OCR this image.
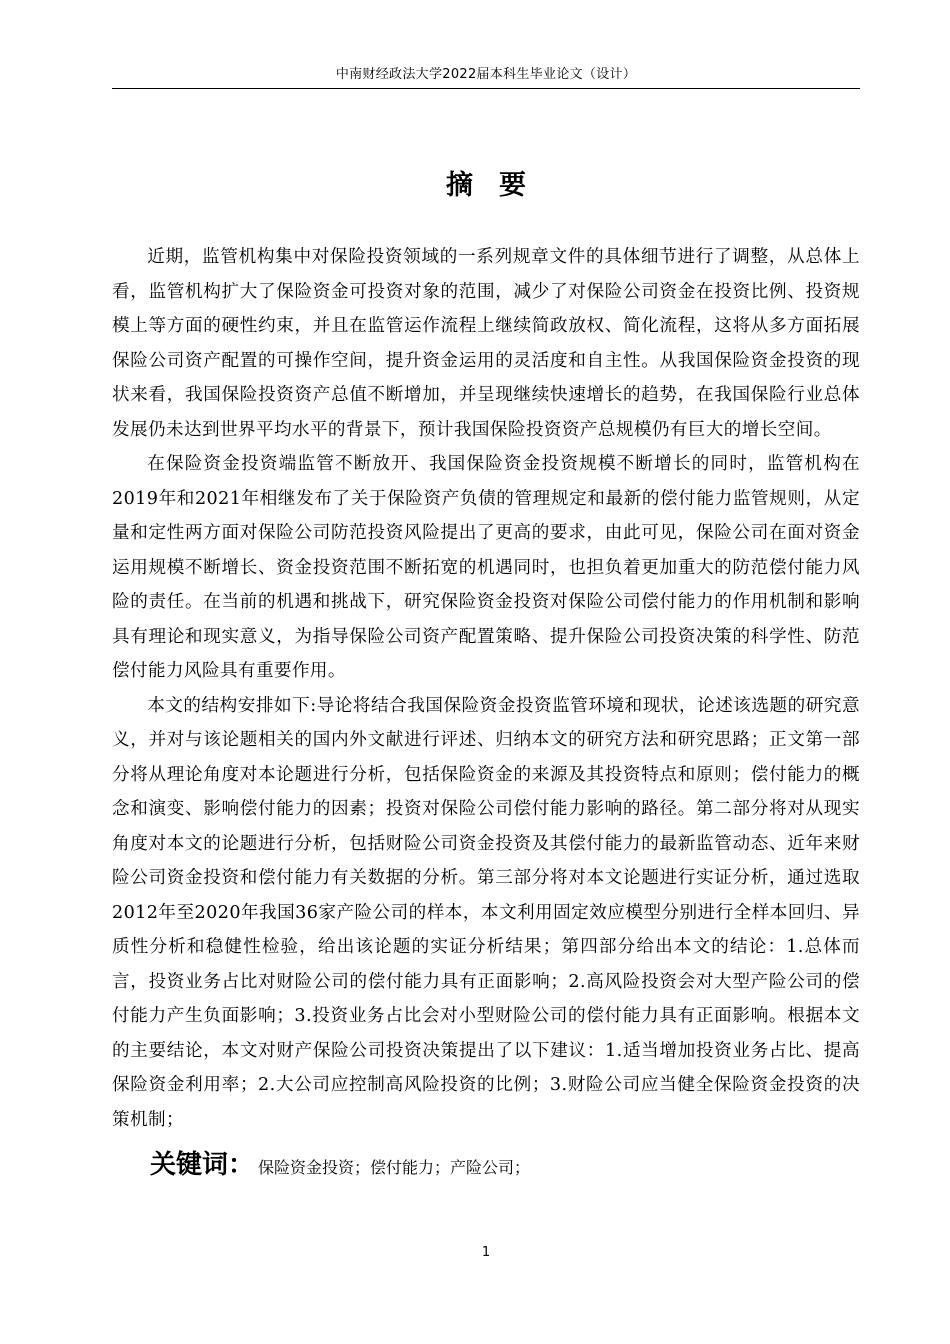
中南财经政法大学2022届本科生毕业论文（设计）
摘 要

近期，监管机构集中对保险投资领域的一系列规章文件的具体细节进行了调整，从总体上看，监管机构扩大了保险资金可投资对象的范围，减少了对保险公司资金在投资比例、投资规模上等方面的硬性约束，并且在监管运作流程上继续简政放权、简化流程，这将从多方面拓展保险公司资产配置的可操作空间，提升资金运用的灵活度和自主性。从我国保险资金投资的现状来看，我国保险投资资产总值不断增加，并呈现继续快速增长的趋势，在我国保险行业总体发展仍未达到世界平均水平的背景下，预计我国保险投资资产总规模仍有巨大的增长空间。

在保险资金投资端监管不断放开、我国保险资金投资规模不断增长的同时，监管机构在2019年和2021年相继发布了关于保险资产负债的管理规定和最新的偿付能力监管规则，从定量和定性两方面对保险公司防范投资风险提出了更高的要求，由此可见，保险公司在面对资金运用规模不断增长、资金投资范围不断拓宽的机遇同时，也担负着更加重大的防范偿付能力风险的责任。在当前的机遇和挑战下，研究保险资金投资对保险公司偿付能力的作用机制和影响具有理论和现实意义，为指导保险公司资产配置策略、提升保险公司投资决策的科学性、防范偿付能力风险具有重要作用。

本文的结构安排如下:导论将结合我国保险资金投资监管环境和现状，论述该选题的研究意义，并对与该论题相关的国内外文献进行评述、归纳本文的研究方法和研究思路；正文第一部分将从理论角度对本论题进行分析，包括保险资金的来源及其投资特点和原则；偿付能力的概念和演变、影响偿付能力的因素；投资对保险公司偿付能力影响的路径。第二部分将对从现实角度对本文的论题进行分析，包括财险公司资金投资及其偿付能力的最新监管动态、近年来财险公司资金投资和偿付能力有关数据的分析。第三部分将对本文论题进行实证分析，通过选取2012年至2020年我国36家产险公司的样本，本文利用固定效应模型分别进行全样本回归、异质性分析和稳健性检验，给出该论题的实证分析结果；第四部分给出本文的结论：1.总体而言，投资业务占比对财险公司的偿付能力具有正面影响；2.高风险投资会对大型产险公司的偿付能力产生负面影响；3.投资业务占比会对小型财险公司的偿付能力具有正面影响。根据本文的主要结论，本文对财产保险公司投资决策提出了以下建议：1.适当增加投资业务占比、提高保险资金利用率；2.大公司应控制高风险投资的比例；3.财险公司应当健全保险资金投资的决策机制；

关键词： 保险资金投资；偿付能力；产险公司；
1
